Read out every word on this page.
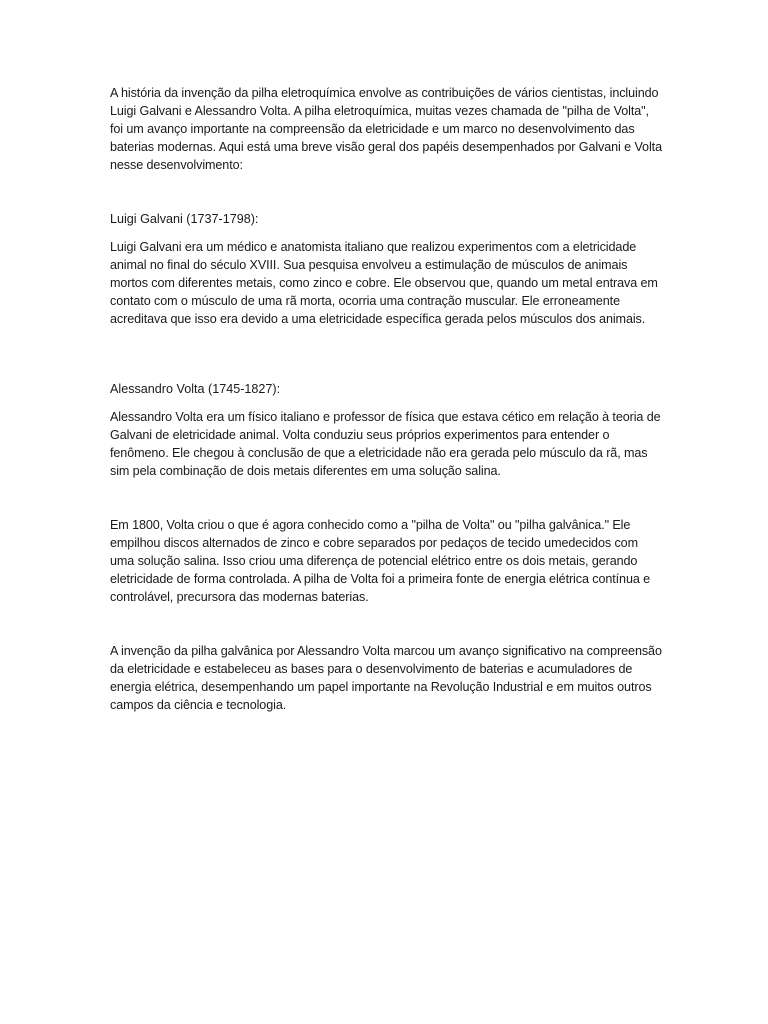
A história da invenção da pilha eletroquímica envolve as contribuições de vários cientistas, incluindo Luigi Galvani e Alessandro Volta. A pilha eletroquímica, muitas vezes chamada de "pilha de Volta", foi um avanço importante na compreensão da eletricidade e um marco no desenvolvimento das baterias modernas. Aqui está uma breve visão geral dos papéis desempenhados por Galvani e Volta nesse desenvolvimento:

Luigi Galvani (1737-1798):

Luigi Galvani era um médico e anatomista italiano que realizou experimentos com a eletricidade animal no final do século XVIII. Sua pesquisa envolveu a estimulação de músculos de animais mortos com diferentes metais, como zinco e cobre. Ele observou que, quando um metal entrava em contato com o músculo de uma rã morta, ocorria uma contração muscular. Ele erroneamente acreditava que isso era devido a uma eletricidade específica gerada pelos músculos dos animais.

Alessandro Volta (1745-1827):

Alessandro Volta era um físico italiano e professor de física que estava cético em relação à teoria de Galvani de eletricidade animal. Volta conduziu seus próprios experimentos para entender o fenômeno. Ele chegou à conclusão de que a eletricidade não era gerada pelo músculo da rã, mas sim pela combinação de dois metais diferentes em uma solução salina.

Em 1800, Volta criou o que é agora conhecido como a "pilha de Volta" ou "pilha galvânica." Ele empilhou discos alternados de zinco e cobre separados por pedaços de tecido umedecidos com uma solução salina. Isso criou uma diferença de potencial elétrico entre os dois metais, gerando eletricidade de forma controlada. A pilha de Volta foi a primeira fonte de energia elétrica contínua e controlável, precursora das modernas baterias.

A invenção da pilha galvânica por Alessandro Volta marcou um avanço significativo na compreensão da eletricidade e estabeleceu as bases para o desenvolvimento de baterias e acumuladores de energia elétrica, desempenhando um papel importante na Revolução Industrial e em muitos outros campos da ciência e tecnologia.
